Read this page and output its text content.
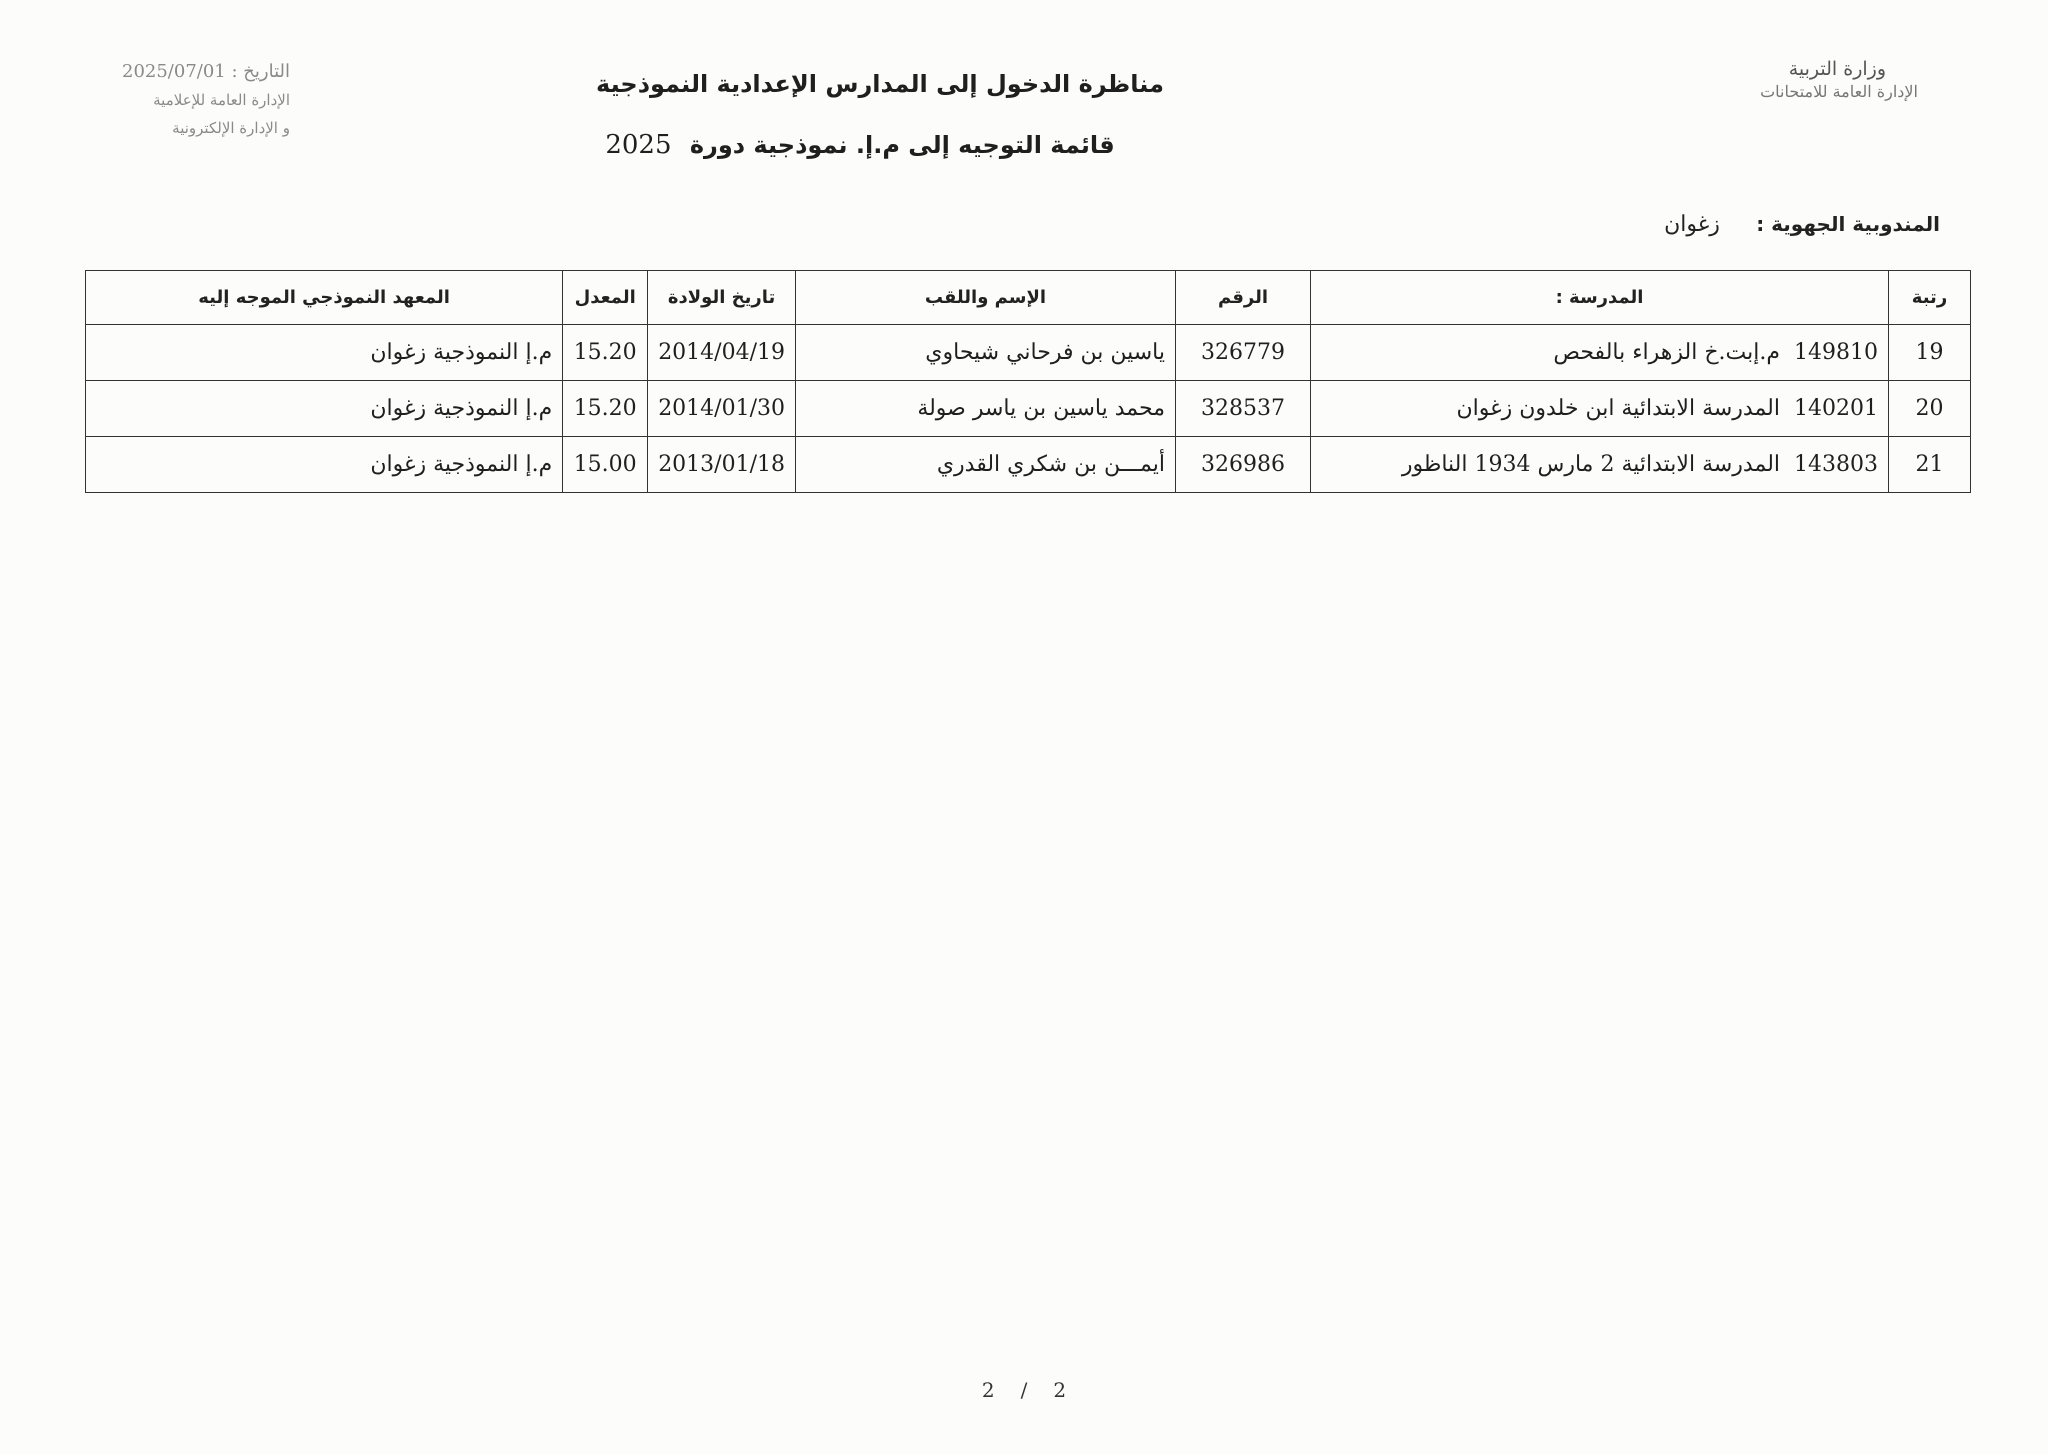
وزارة التربية
الإدارة العامة للامتحانات
التاريخ : 2025/07/01
الإدارة العامة للإعلامية
و الإدارة الإلكترونية
مناظرة الدخول إلى المدارس الإعدادية النموذجية
قائمة التوجيه إلى م.إ. نموذجية دورة 2025
المندوبية الجهوية : زغوان
رتبة	المدرسة :	الرقم	الإسم واللقب	تاريخ الولادة	المعدل	المعهد النموذجي الموجه إليه
19	149810م.إبت.خ الزهراء بالفحص	326779	ياسين بن فرحاني شيحاوي	2014/04/19	15.20	م.إ النموذجية زغوان
20	140201المدرسة الابتدائية ابن خلدون زغوان	328537	محمد ياسين بن ياسر صولة	2014/01/30	15.20	م.إ النموذجية زغوان
21	143803المدرسة الابتدائية 2 مارس 1934 الناظور	326986	أيمـــن بن شكري القدري	2013/01/18	15.00	م.إ النموذجية زغوان
2 / 2
